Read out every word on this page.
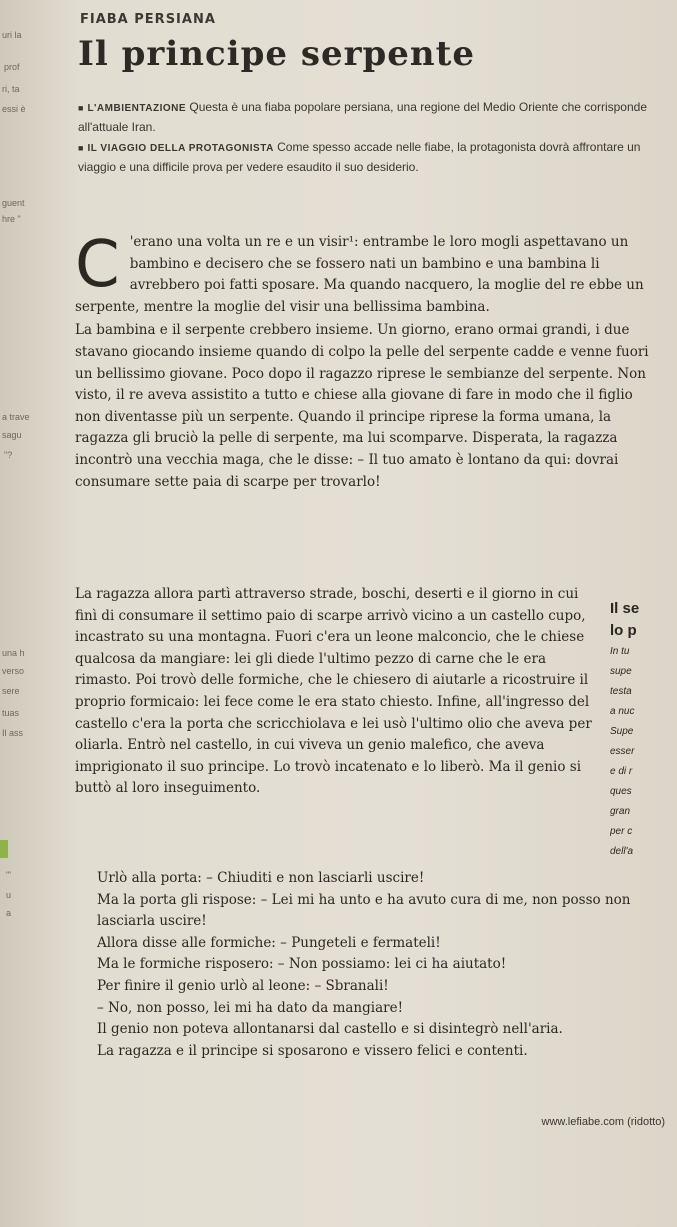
uri la
prof
ri, ta
essi è
guent
hre "
a trave
sagu
"?
una h
verso
sere
tuas
Il ass
'"
u
a
FIABA PERSIANA
Il principe serpente
■ L'AMBIENTAZIONE Questa è una fiaba popolare persiana, una regione del Medio Oriente che corrisponde all'attuale Iran.
■ IL VIAGGIO DELLA PROTAGONISTA Come spesso accade nelle fiabe, la protagonista dovrà affrontare un viaggio e una difficile prova per vedere esaudito il suo desiderio.

C 'erano una volta un re e un visir¹: entrambe le loro mogli aspettavano un bambino e decisero che se fossero nati un bambino e una bambina li avrebbero poi fatti sposare. Ma quando nacquero, la moglie del re ebbe un serpente, mentre la moglie del visir una bellissima bambina.

La bambina e il serpente crebbero insieme. Un giorno, erano ormai grandi, i due stavano giocando insieme quando di colpo la pelle del serpente cadde e venne fuori un bellissimo giovane. Poco dopo il ragazzo riprese le sembianze del serpente. Non visto, il re aveva assistito a tutto e chiese alla giovane di fare in modo che il figlio non diventasse più un serpente. Quando il principe riprese la forma umana, la ragazza gli bruciò la pelle di serpente, ma lui scomparve. Disperata, la ragazza incontrò una vecchia maga, che le disse: – Il tuo amato è lontano da qui: dovrai consumare sette paia di scarpe per trovarlo!

La ragazza allora partì attraverso strade, boschi, deserti e il giorno in cui finì di consumare il settimo paio di scarpe arrivò vicino a un castello cupo, incastrato su una montagna. Fuori c'era un leone malconcio, che le chiese qualcosa da mangiare: lei gli diede l'ultimo pezzo di carne che le era rimasto. Poi trovò delle formiche, che le chiesero di aiutarle a ricostruire il proprio formicaio: lei fece come le era stato chiesto. Infine, all'ingresso del castello c'era la porta che scricchiolava e lei usò l'ultimo olio che aveva per oliarla. Entrò nel castello, in cui viveva un genio malefico, che aveva imprigionato il suo principe. Lo trovò incatenato e lo liberò. Ma il genio si buttò al loro inseguimento.

Urlò alla porta: – Chiuditi e non lasciarli uscire!

Ma la porta gli rispose: – Lei mi ha unto e ha avuto cura di me, non posso non lasciarla uscire!

Allora disse alle formiche: – Pungeteli e fermateli!

Ma le formiche risposero: – Non possiamo: lei ci ha aiutato!

Per finire il genio urlò al leone: – Sbranali!

– No, non posso, lei mi ha dato da mangiare!

Il genio non poteva allontanarsi dal castello e si disintegrò nell'aria.

La ragazza e il principe si sposarono e vissero felici e contenti.

Il se
lo p
In tu
supe
testa
a nuc
Supe
esser
e di r
ques
gran
per c
dell'a
www.lefiabe.com (ridotto)
